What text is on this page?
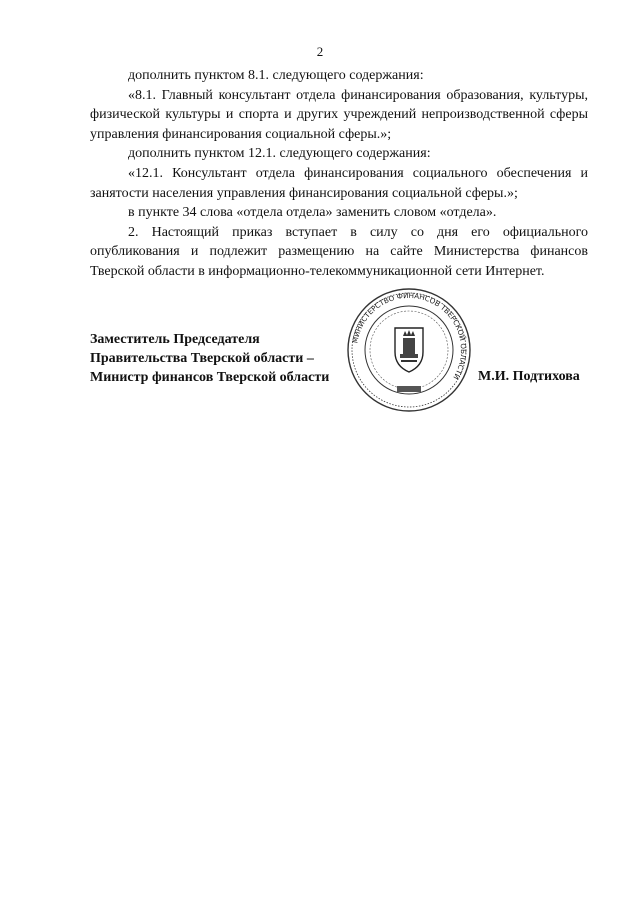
2

дополнить пунктом 8.1. следующего содержания:

«8.1. Главный консультант отдела финансирования образования, культуры, физической культуры и спорта и других учреждений непроизводственной сферы управления финансирования социальной сферы.»;

дополнить пунктом 12.1. следующего содержания:

«12.1. Консультант отдела финансирования социального обеспечения и занятости населения управления финансирования социальной сферы.»;

в пункте 34 слова «отдела отдела» заменить словом «отдела».

2. Настоящий приказ вступает в силу со дня его официального опубликования и подлежит размещению на сайте Министерства финансов Тверской области в информационно-телекоммуникационной сети Интернет.

Заместитель Председателя
Правительства Тверской области –
Министр финансов Тверской области
МИНИСТЕРСТВО ФИНАНСОВ ТВЕРСКОЙ ОБЛАСТИ	М.И. Подтихова
